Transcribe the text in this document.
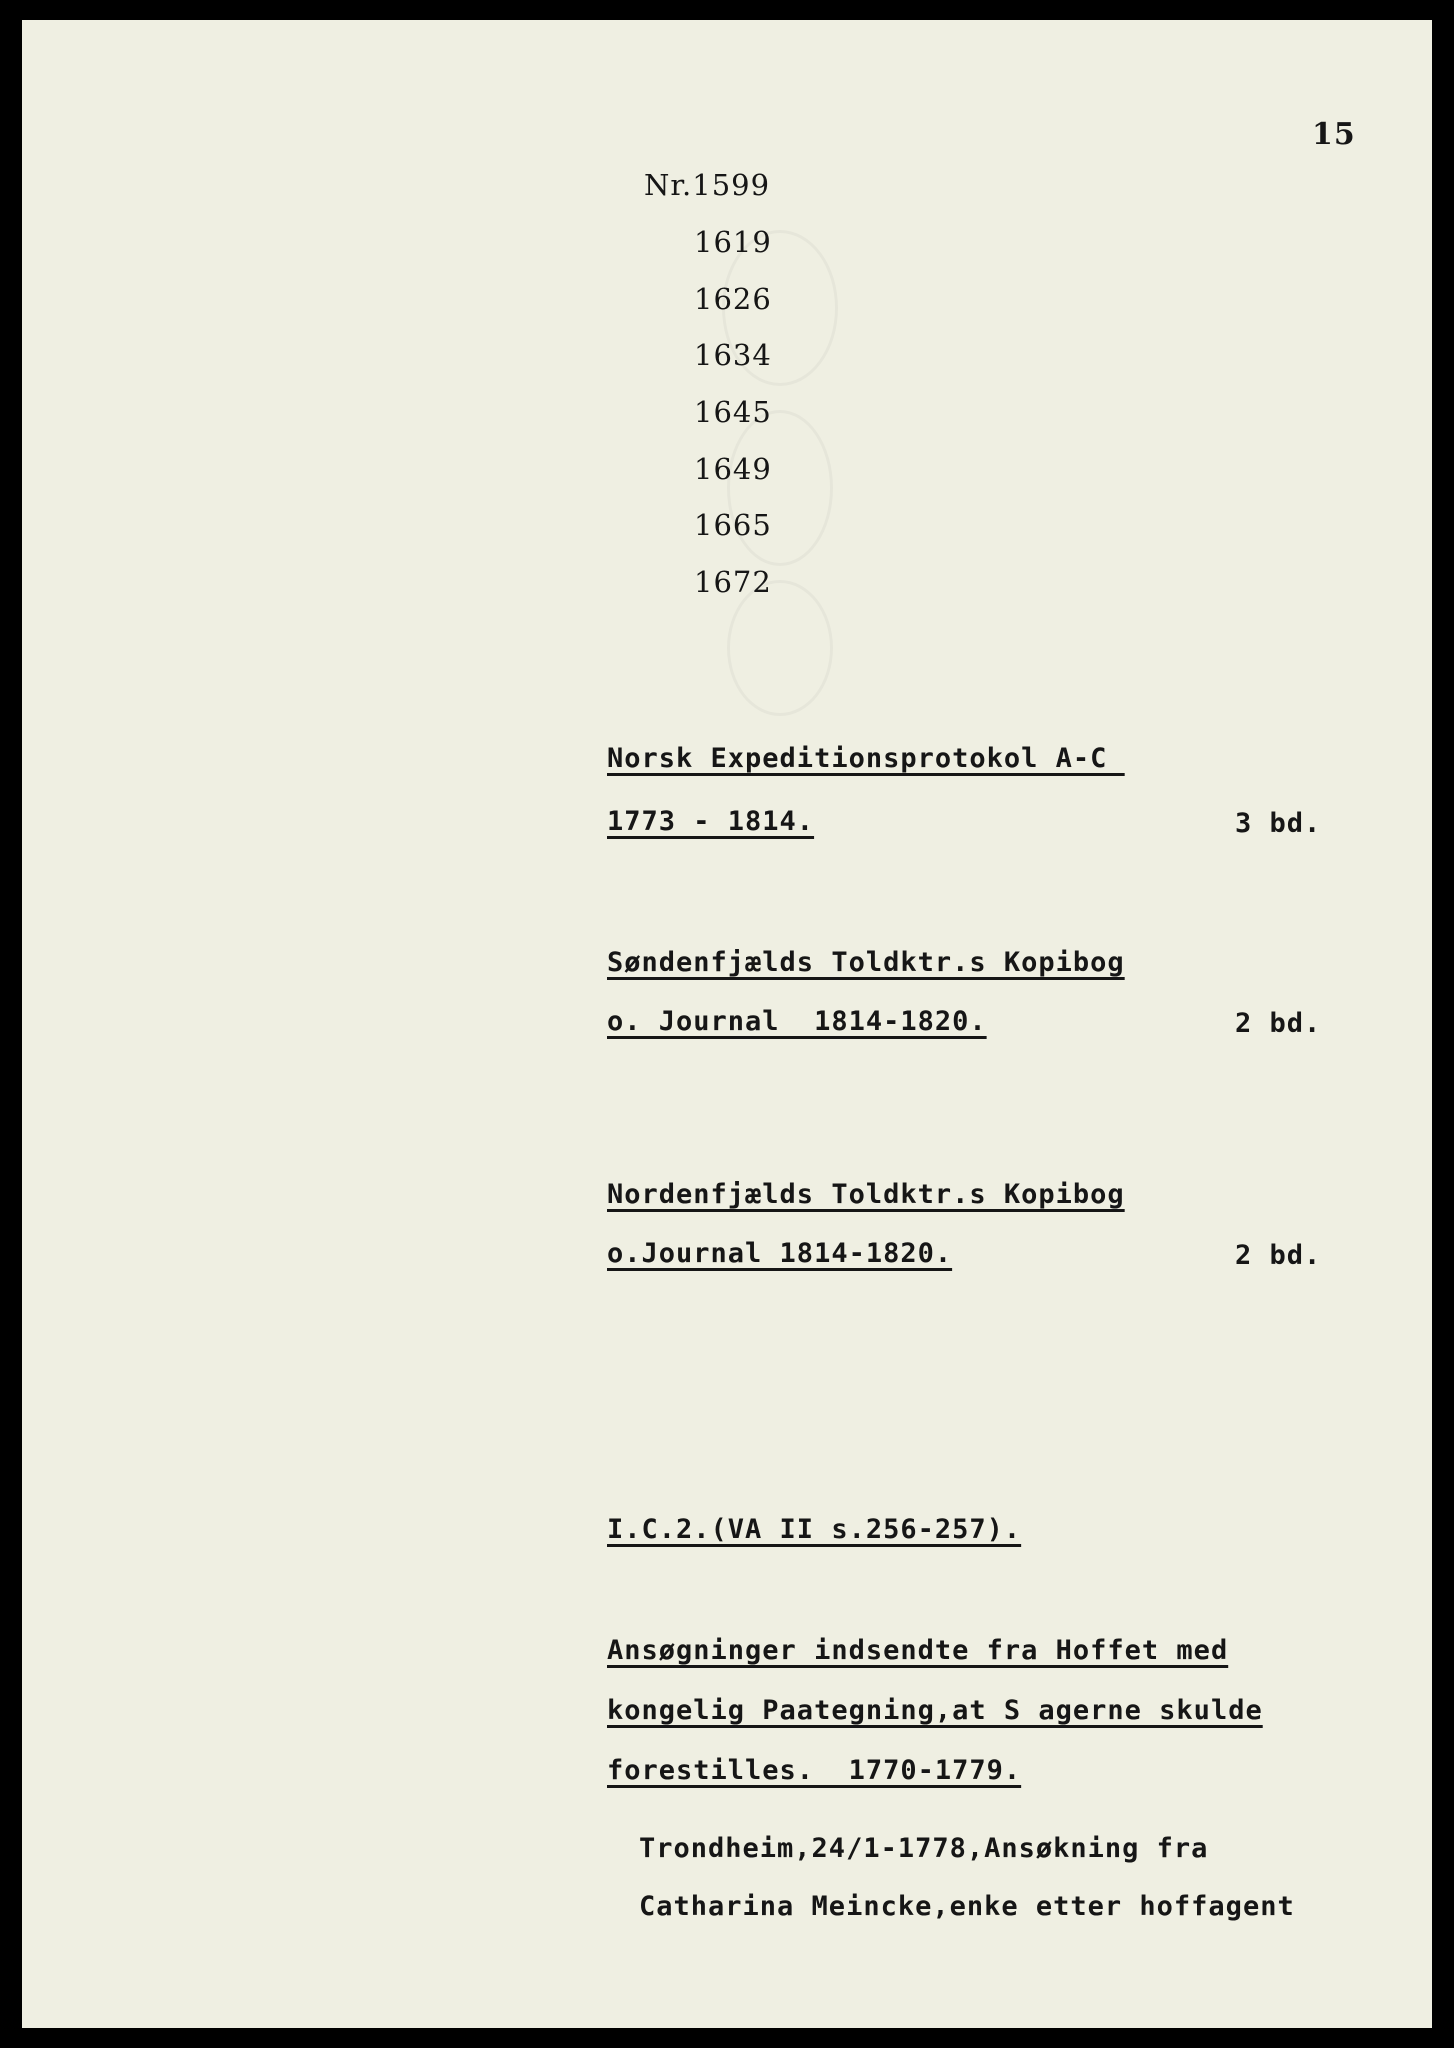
15
Nr.1599
1619
1626
1634
1645
1649
1665
1672
Norsk Expeditionsprotokol A-C
1773 - 1814.	3 bd.
Søndenfjælds Toldktr.s Kopibog
o. Journal  1814-1820.	2 bd.
Nordenfjælds Toldktr.s Kopibog
o.Journal 1814-1820.	2 bd.
I.C.2.(VA II s.256-257).
Ansøgninger indsendte fra Hoffet med
kongelig Paategning,at S agerne skulde
forestilles.  1770-1779.
Trondheim,24/1-1778,Ansøkning fra
Catharina Meincke,enke etter hoffagent
